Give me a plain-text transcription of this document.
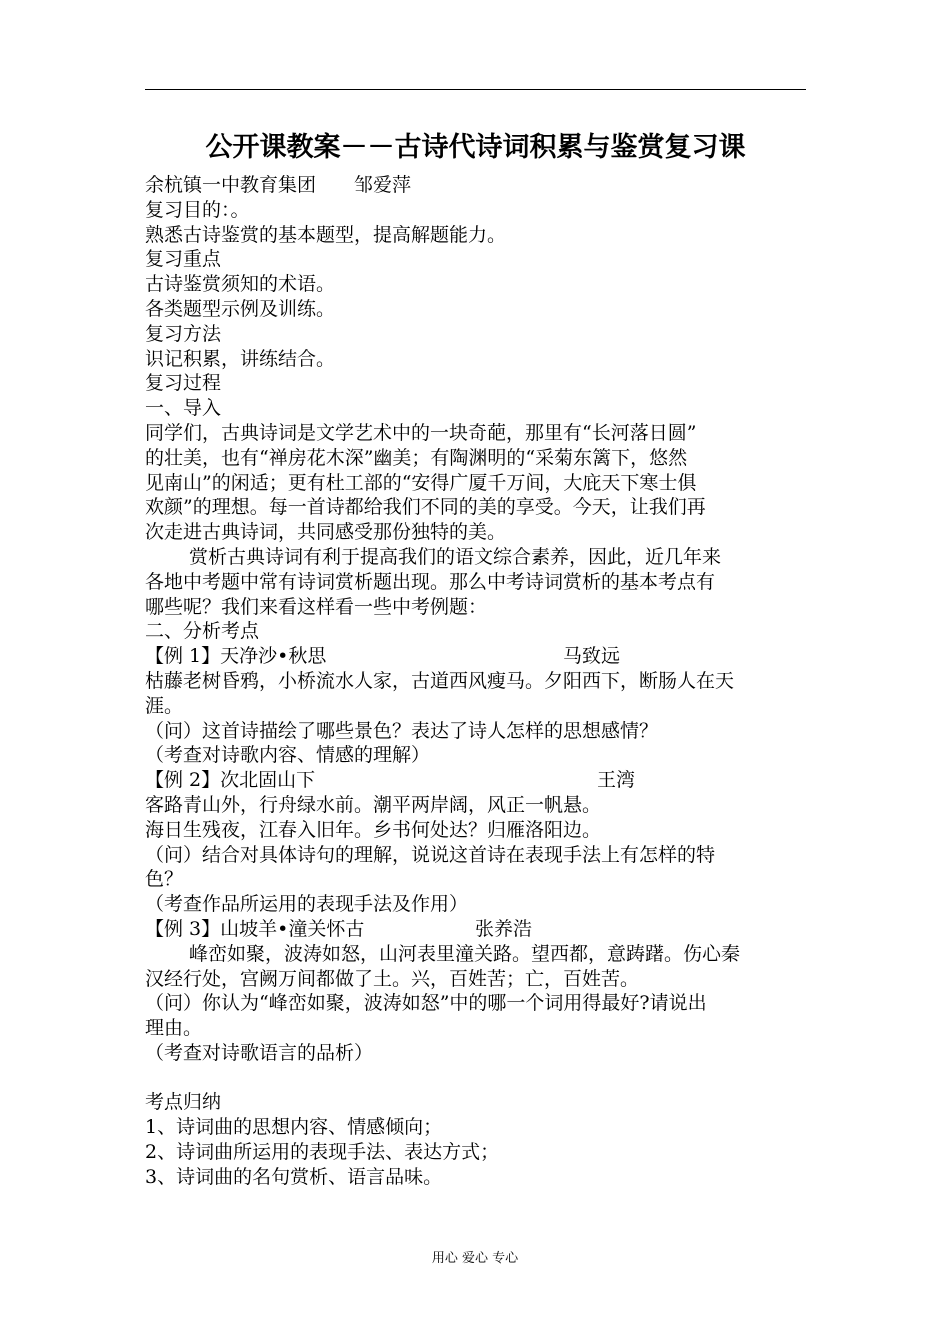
公开课教案－－古诗代诗词积累与鉴赏复习课
余杭镇一中教育集团　　邹爱萍
复习目的：。
熟悉古诗鉴赏的基本题型，提高解题能力。
复习重点
古诗鉴赏须知的术语。
各类题型示例及训练。
复习方法
识记积累，讲练结合。
复习过程
一、导入
同学们，古典诗词是文学艺术中的一块奇葩，那里有“长河落日圆”
的壮美，也有“禅房花木深”幽美；有陶渊明的“采菊东篱下，悠然
见南山”的闲适；更有杜工部的“安得广厦千万间，大庇天下寒士俱
欢颜”的理想。每一首诗都给我们不同的美的享受。今天，让我们再
次走进古典诗词，共同感受那份独特的美。
赏析古典诗词有利于提高我们的语文综合素养，因此，近几年来
各地中考题中常有诗词赏析题出现。那么中考诗词赏析的基本考点有
哪些呢？我们来看这样看一些中考例题：
二、分析考点
【例 1】天净沙•秋思	马致远
枯藤老树昏鸦，小桥流水人家，古道西风瘦马。夕阳西下，断肠人在天
涯。
（问）这首诗描绘了哪些景色？表达了诗人怎样的思想感情？
（考查对诗歌内容、情感的理解）
【例 2】次北固山下	王湾
客路青山外，行舟绿水前。潮平两岸阔，风正一帆悬。
海日生残夜，江春入旧年。乡书何处达？归雁洛阳边。
（问）结合对具体诗句的理解，说说这首诗在表现手法上有怎样的特
色？
（考查作品所运用的表现手法及作用）
【例 3】山坡羊•潼关怀古	张养浩
峰峦如聚，波涛如怒，山河表里潼关路。望西都，意踌躇。伤心秦
汉经行处，宫阙万间都做了土。兴，百姓苦；亡，百姓苦。
（问）你认为“峰峦如聚，波涛如怒”中的哪一个词用得最好?请说出
理由。
（考查对诗歌语言的品析）
考点归纳
1、诗词曲的思想内容、情感倾向；
2、诗词曲所运用的表现手法、表达方式；
3、诗词曲的名句赏析、语言品味。
用心 爱心 专心
